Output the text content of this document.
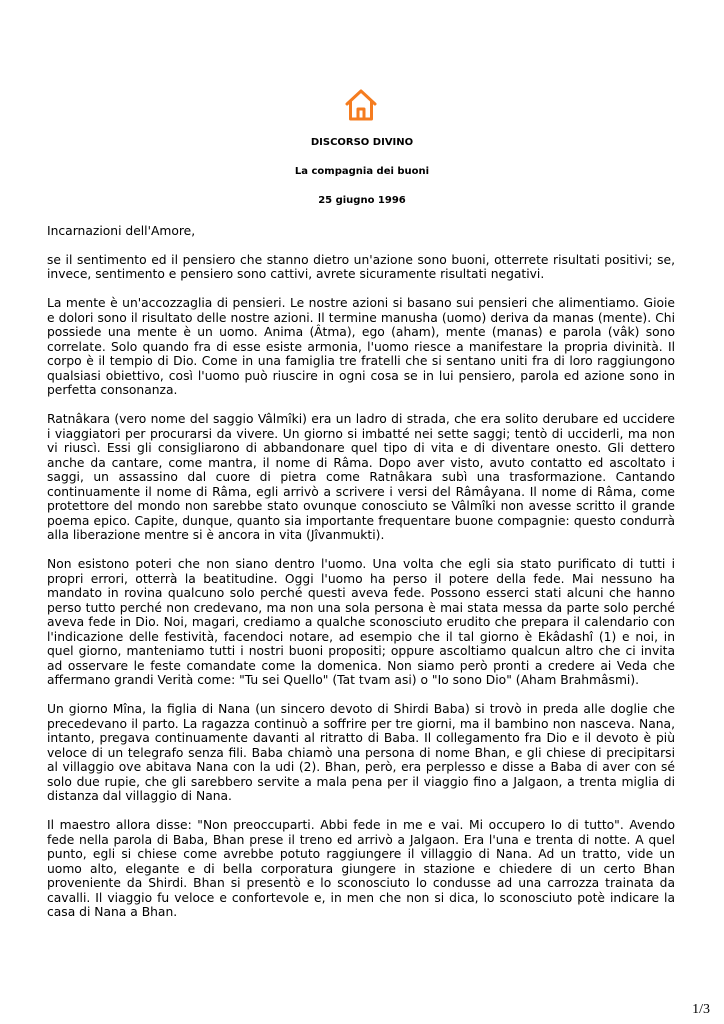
DISCORSO DIVINO

La compagnia dei buoni

25 giugno 1996

Incarnazioni dell'Amore,

se il sentimento ed il pensiero che stanno dietro un'azione sono buoni, otterrete risultati positivi; se, invece, sentimento e pensiero sono cattivi, avrete sicuramente risultati negativi.

La mente è un'accozzaglia di pensieri. Le nostre azioni si basano sui pensieri che alimentiamo. Gioie e dolori sono il risultato delle nostre azioni. Il termine manusha (uomo) deriva da manas (mente). Chi possiede una mente è un uomo. Anima (Âtma), ego (aham), mente (manas) e parola (vâk) sono correlate. Solo quando fra di esse esiste armonia, l'uomo riesce a manifestare la propria divinità. Il corpo è il tempio di Dio. Come in una famiglia tre fratelli che si sentano uniti fra di loro raggiungono qualsiasi obiettivo, così l'uomo può riuscire in ogni cosa se in lui pensiero, parola ed azione sono in perfetta consonanza.

Ratnâkara (vero nome del saggio Vâlmîki) era un ladro di strada, che era solito derubare ed uccidere i viaggiatori per procurarsi da vivere. Un giorno si imbatté nei sette saggi; tentò di ucciderli, ma non vi riuscì. Essi gli consigliarono di abbandonare quel tipo di vita e di diventare onesto. Gli dettero anche da cantare, come mantra, il nome di Râma. Dopo aver visto, avuto contatto ed ascoltato i saggi, un assassino dal cuore di pietra come Ratnâkara subì una trasformazione. Cantando continuamente il nome di Râma, egli arrivò a scrivere i versi del Râmâyana. Il nome di Râma, come protettore del mondo non sarebbe stato ovunque conosciuto se Vâlmîki non avesse scritto il grande poema epico. Capite, dunque, quanto sia importante frequentare buone compagnie: questo condurrà alla liberazione mentre si è ancora in vita (Jîvanmukti).

Non esistono poteri che non siano dentro l'uomo. Una volta che egli sia stato purificato di tutti i propri errori, otterrà la beatitudine. Oggi l'uomo ha perso il potere della fede. Mai nessuno ha mandato in rovina qualcuno solo perché questi aveva fede. Possono esserci stati alcuni che hanno perso tutto perché non credevano, ma non una sola persona è mai stata messa da parte solo perché aveva fede in Dio. Noi, magari, crediamo a qualche sconosciuto erudito che prepara il calendario con l'indicazione delle festività, facendoci notare, ad esempio che il tal giorno è Ekâdashî (1) e noi, in quel giorno, manteniamo tutti i nostri buoni propositi; oppure ascoltiamo qualcun altro che ci invita ad osservare le feste comandate come la domenica. Non siamo però pronti a credere ai Veda che affermano grandi Verità come: "Tu sei Quello" (Tat tvam asi) o "Io sono Dio" (Aham Brahmâsmi).

Un giorno Mîna, la figlia di Nana (un sincero devoto di Shirdi Baba) si trovò in preda alle doglie che precedevano il parto. La ragazza continuò a soffrire per tre giorni, ma il bambino non nasceva. Nana, intanto, pregava continuamente davanti al ritratto di Baba. Il collegamento fra Dio e il devoto è più veloce di un telegrafo senza fili. Baba chiamò una persona di nome Bhan, e gli chiese di precipitarsi al villaggio ove abitava Nana con la udi (2). Bhan, però, era perplesso e disse a Baba di aver con sé solo due rupie, che gli sarebbero servite a mala pena per il viaggio fino a Jalgaon, a trenta miglia di distanza dal villaggio di Nana.

Il maestro allora disse: "Non preoccuparti. Abbi fede in me e vai. Mi occupero Io di tutto". Avendo fede nella parola di Baba, Bhan prese il treno ed arrivò a Jalgaon. Era l'una e trenta di notte. A quel punto, egli si chiese come avrebbe potuto raggiungere il villaggio di Nana. Ad un tratto, vide un uomo alto, elegante e di bella corporatura giungere in stazione e chiedere di un certo Bhan proveniente da Shirdi. Bhan si presentò e lo sconosciuto lo condusse ad una carrozza trainata da cavalli. Il viaggio fu veloce e confortevole e, in men che non si dica, lo sconosciuto potè indicare la casa di Nana a Bhan.

1/3
